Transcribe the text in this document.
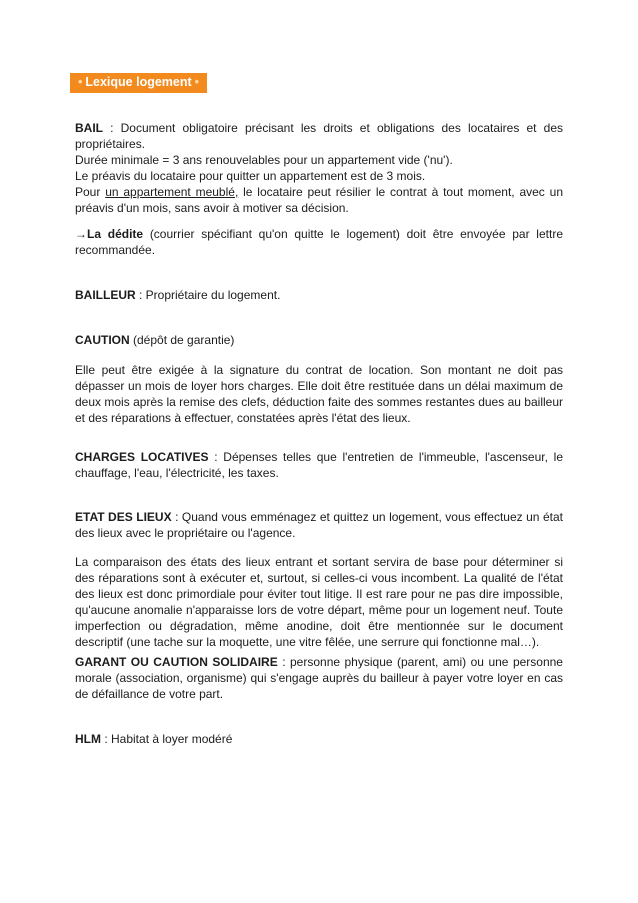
• Lexique logement •
BAIL : Document obligatoire précisant les droits et obligations des locataires et des propriétaires.
Durée minimale = 3 ans renouvelables pour un appartement vide ('nu').
Le préavis du locataire pour quitter un appartement est de 3 mois.
Pour un appartement meublé, le locataire peut résilier le contrat à tout moment, avec un préavis d'un mois, sans avoir à motiver sa décision.
→La dédite (courrier spécifiant qu'on quitte le logement) doit être envoyée par lettre recommandée.
BAILLEUR : Propriétaire du logement.
CAUTION (dépôt de garantie)
Elle peut être exigée à la signature du contrat de location. Son montant ne doit pas dépasser un mois de loyer hors charges. Elle doit être restituée dans un délai maximum de deux mois après la remise des clefs, déduction faite des sommes restantes dues au bailleur et des réparations à effectuer, constatées après l'état des lieux.
CHARGES LOCATIVES : Dépenses telles que l'entretien de l'immeuble, l'ascenseur, le chauffage, l'eau, l'électricité, les taxes.
ETAT DES LIEUX : Quand vous emménagez et quittez un logement, vous effectuez un état des lieux avec le propriétaire ou l'agence.
La comparaison des états des lieux entrant et sortant servira de base pour déterminer si des réparations sont à exécuter et, surtout, si celles-ci vous incombent. La qualité de l'état des lieux est donc primordiale pour éviter tout litige. Il est rare pour ne pas dire impossible, qu'aucune anomalie n'apparaisse lors de votre départ, même pour un logement neuf. Toute imperfection ou dégradation, même anodine, doit être mentionnée sur le document descriptif (une tache sur la moquette, une vitre fêlée, une serrure qui fonctionne mal…).
GARANT OU CAUTION SOLIDAIRE : personne physique (parent, ami) ou une personne morale (association, organisme) qui s'engage auprès du bailleur à payer votre loyer en cas de défaillance de votre part.
HLM : Habitat à loyer modéré
